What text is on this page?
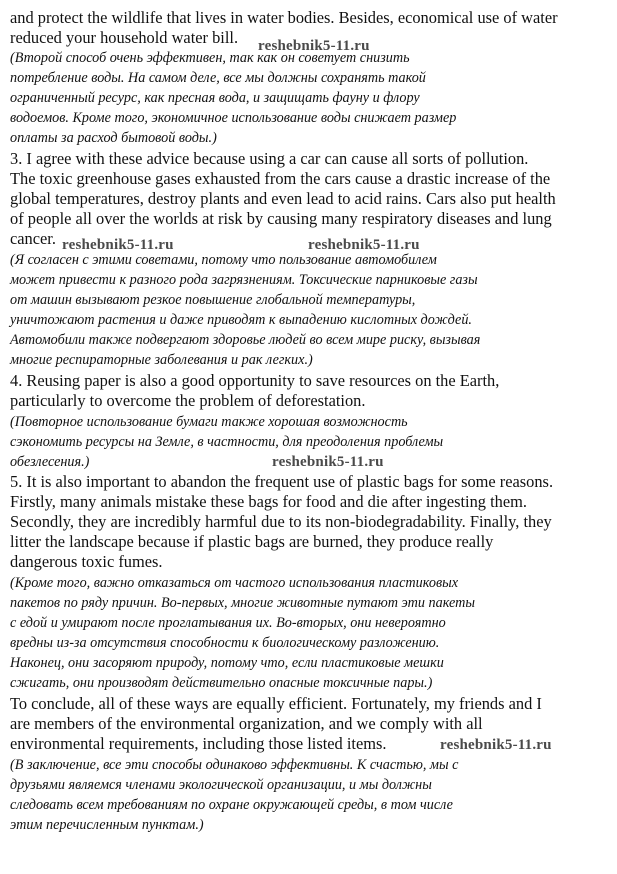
and protect the wildlife that lives in water bodies. Besides, economical use of water

reduced your household water bill.

(Второй способ очень эффективен, так как он советует снизить

потребление воды. На самом деле, все мы должны сохранять такой

ограниченный ресурс, как пресная вода, и защищать фауну и флору

водоемов. Кроме того, экономичное использование воды снижает размер

оплаты за расход бытовой воды.)

3. I agree with these advice because using a car can cause all sorts of pollution.

The toxic greenhouse gases exhausted from the cars cause a drastic increase of the

global temperatures, destroy plants and even lead to acid rains. Cars also put health

of people all over the worlds at risk by causing many respiratory diseases and lung

cancer.

(Я согласен с этими советами, потому что пользование автомобилем

может привести к разного рода загрязнениям. Токсические парниковые газы

от машин вызывают резкое повышение глобальной температуры,

уничтожают растения и даже приводят к выпадению кислотных дождей.

Автомобили также подвергают здоровье людей во всем мире риску, вызывая

многие респираторные заболевания и рак легких.)

4. Reusing paper is also a good opportunity to save resources on the Earth,

particularly to overcome the problem of deforestation.

(Повторное использование бумаги также хорошая возможность

сэкономить ресурсы на Земле, в частности, для преодоления проблемы

обезлесения.)

5. It is also important to abandon the frequent use of plastic bags for some reasons.

Firstly, many animals mistake these bags for food and die after ingesting them.

Secondly, they are incredibly harmful due to its non-biodegradability. Finally, they

litter the landscape because if plastic bags are burned, they produce really

dangerous toxic fumes.

(Кроме того, важно отказаться от частого использования пластиковых

пакетов по ряду причин. Во-первых, многие животные путают эти пакеты

с едой и умирают после проглатывания их. Во-вторых, они невероятно

вредны из-за отсутствия способности к биологическому разложению.

Наконец, они засоряют природу, потому что, если пластиковые мешки

сжигать, они производят действительно опасные токсичные пары.)

To conclude, all of these ways are equally efficient. Fortunately, my friends and I

are members of the environmental organization, and we comply with all

environmental requirements, including those listed items.

(В заключение, все эти способы одинаково эффективны. К счастью, мы с

друзьями являемся членами экологической организации, и мы должны

следовать всем требованиям по охране окружающей среды, в том числе

этим перечисленным пунктам.)

reshebnik5-11.ru
reshebnik5-11.ru	reshebnik5-11.ru
reshebnik5-11.ru
reshebnik5-11.ru
